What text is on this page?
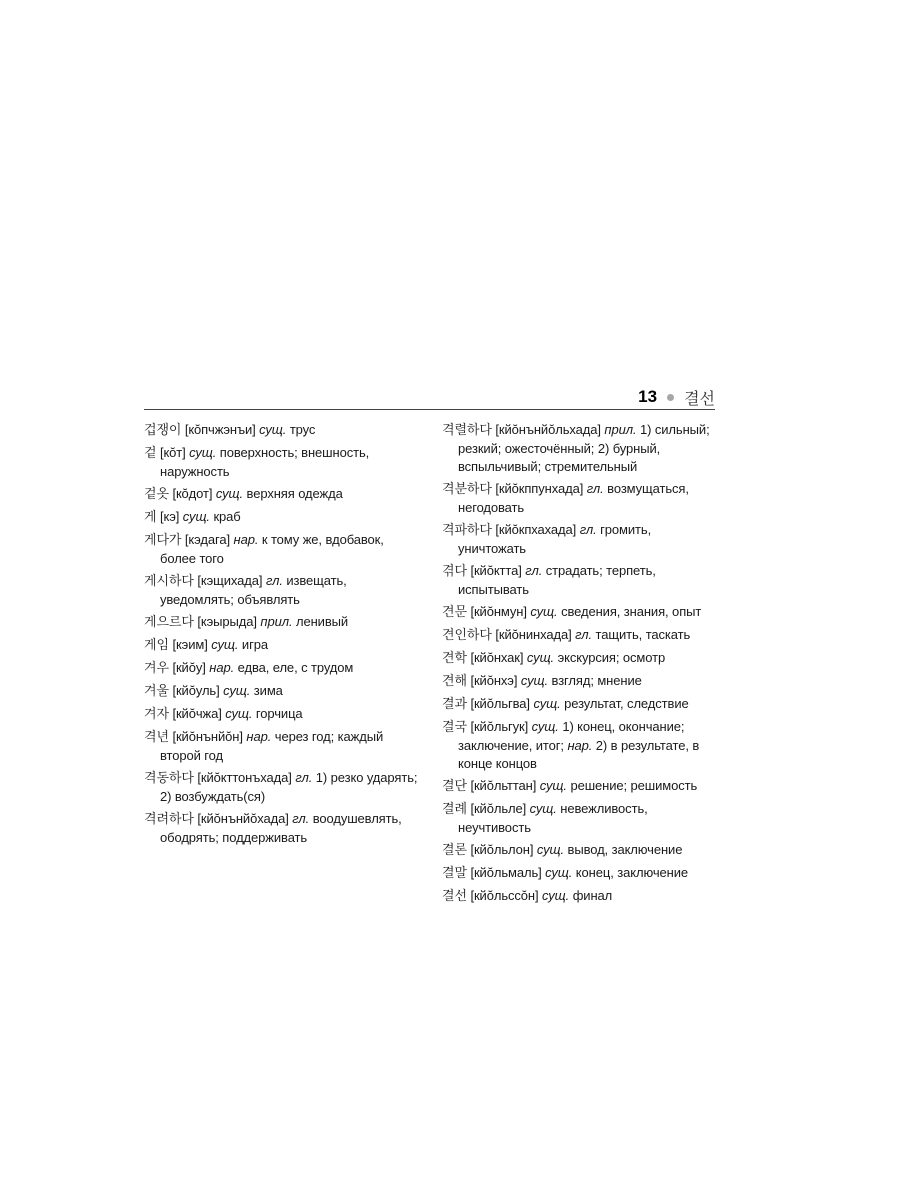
13 결선
겁쟁이 [кŏпчжэнъи] сущ. трус
겉 [кŏт] сущ. поверхность; внешность, наружность
겉옷 [кŏдот] сущ. верхняя одежда
게 [кэ] сущ. краб
게다가 [кэдага] нар. к тому же, вдобавок, более того
게시하다 [кэщихада] гл. извещать, уведомлять; объявлять
게으르다 [кэырыда] прил. ленивый
게임 [кэим] сущ. игра
겨우 [кйŏу] нар. едва, еле, с трудом
겨울 [кйŏуль] сущ. зима
겨자 [кйŏчжа] сущ. горчица
격년 [кйŏнънйŏн] нар. через год; каждый второй год
격동하다 [кйŏкттонъхада] гл. 1) резко ударять; 2) возбуждать(ся)
격려하다 [кйŏнънйŏхада] гл. воодушевлять, ободрять; поддерживать
격렬하다 [кйŏнънйŏльхада] прил. 1) сильный; резкий; ожесточённый; 2) бурный, вспыльчивый; стремительный
격분하다 [кйŏкппунхада] гл. возмущаться, негодовать
격파하다 [кйŏкпхахада] гл. громить, уничтожать
겪다 [кйŏктта] гл. страдать; терпеть, испытывать
견문 [кйŏнмун] сущ. сведения, знания, опыт
견인하다 [кйŏнинхада] гл. тащить, таскать
견학 [кйŏнхак] сущ. экскурсия; осмотр
견해 [кйŏнхэ] сущ. взгляд; мнение
결과 [кйŏльгва] сущ. результат, следствие
결국 [кйŏльгук] сущ. 1) конец, окончание; заключение, итог; нар. 2) в результате, в конце концов
결단 [кйŏльттан] сущ. решение; решимость
결례 [кйŏльле] сущ. невежливость, неучтивость
결론 [кйŏльлон] сущ. вывод, заключение
결말 [кйŏльмаль] сущ. конец, заключение
결선 [кйŏльссŏн] сущ. финал
